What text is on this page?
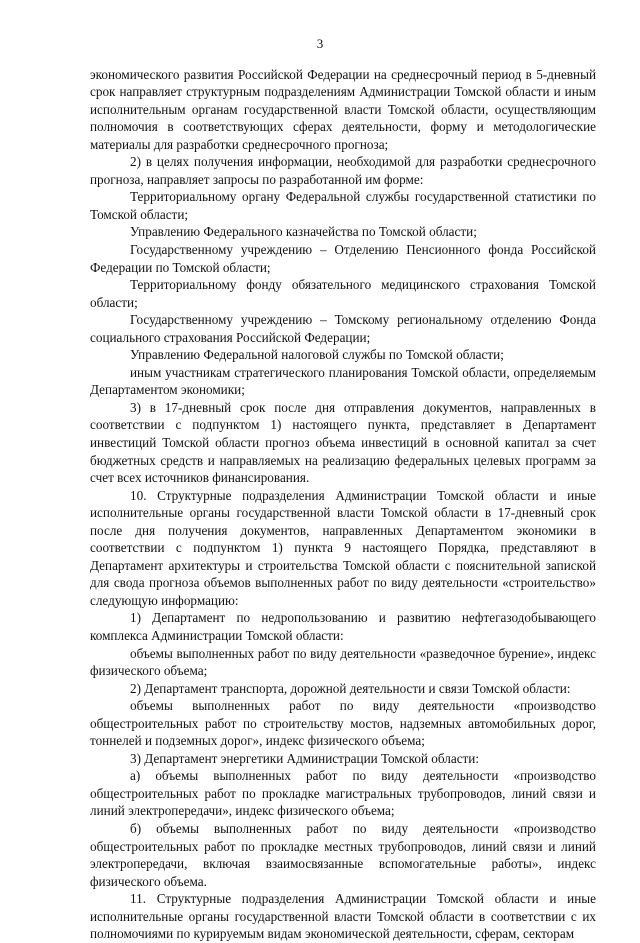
3

экономического развития Российской Федерации на среднесрочный период в 5-дневный срок направляет структурным подразделениям Администрации Томской области и иным исполнительным органам государственной власти Томской области, осуществляющим полномочия в соответствующих сферах деятельности, форму и методологические материалы для разработки среднесрочного прогноза;

2) в целях получения информации, необходимой для разработки среднесрочного прогноза, направляет запросы по разработанной им форме:

Территориальному органу Федеральной службы государственной статистики по Томской области;

Управлению Федерального казначейства по Томской области;

Государственному учреждению – Отделению Пенсионного фонда Российской Федерации по Томской области;

Территориальному фонду обязательного медицинского страхования Томской области;

Государственному учреждению – Томскому региональному отделению Фонда социального страхования Российской Федерации;

Управлению Федеральной налоговой службы по Томской области;

иным участникам стратегического планирования Томской области, определяемым Департаментом экономики;

3) в 17-дневный срок после дня отправления документов, направленных в соответствии с подпунктом 1) настоящего пункта, представляет в Департамент инвестиций Томской области прогноз объема инвестиций в основной капитал за счет бюджетных средств и направляемых на реализацию федеральных целевых программ за счет всех источников финансирования.

10. Структурные подразделения Администрации Томской области и иные исполнительные органы государственной власти Томской области в 17-дневный срок после дня получения документов, направленных Департаментом экономики в соответствии с подпунктом 1) пункта 9 настоящего Порядка, представляют в Департамент архитектуры и строительства Томской области с пояснительной запиской для свода прогноза объемов выполненных работ по виду деятельности «строительство» следующую информацию:

1) Департамент по недропользованию и развитию нефтегазодобывающего комплекса Администрации Томской области:

объемы выполненных работ по виду деятельности «разведочное бурение», индекс физического объема;

2) Департамент транспорта, дорожной деятельности и связи Томской области:

объемы выполненных работ по виду деятельности «производство общестроительных работ по строительству мостов, надземных автомобильных дорог, тоннелей и подземных дорог», индекс физического объема;

3) Департамент энергетики Администрации Томской области:

а) объемы выполненных работ по виду деятельности «производство общестроительных работ по прокладке магистральных трубопроводов, линий связи и линий электропередачи», индекс физического объема;

б) объемы выполненных работ по виду деятельности «производство общестроительных работ по прокладке местных трубопроводов, линий связи и линий электропередачи, включая взаимосвязанные вспомогательные работы», индекс физического объема.

11. Структурные подразделения Администрации Томской области и иные исполнительные органы государственной власти Томской области в соответствии с их полномочиями по курируемым видам экономической деятельности, сферам, секторам
